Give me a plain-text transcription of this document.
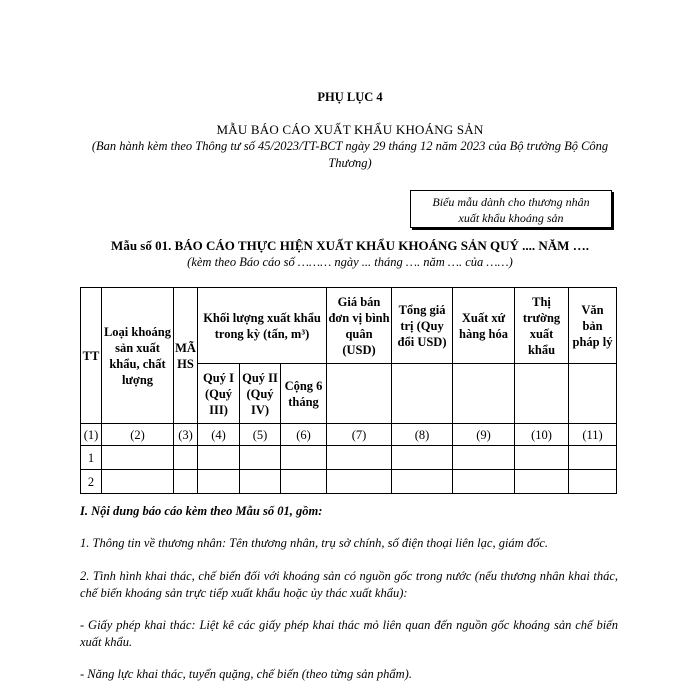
PHỤ LỤC 4
MẪU BÁO CÁO XUẤT KHẨU KHOÁNG SẢN
(Ban hành kèm theo Thông tư số 45/2023/TT-BCT ngày 29 tháng 12 năm 2023 của Bộ trưởng Bộ Công Thương)
Biểu mẫu dành cho thương nhân
xuất khẩu khoáng sản
Mẫu số 01. BÁO CÁO THỰC HIỆN XUẤT KHẨU KHOÁNG SẢN QUÝ .... NĂM ….
(kèm theo Báo cáo số ……… ngày ... tháng …. năm …. của ……)
TT	Loại khoáng sản xuất khẩu, chất lượng	MÃ HS	Khối lượng xuất khẩu trong kỳ (tấn, m³)			Giá bán đơn vị bình quân (USD)	Tổng giá trị (Quy đổi USD)	Xuất xứ hàng hóa	Thị trường xuất khẩu	Văn bản pháp lý
			Quý I (Quý III)	Quý II (Quý IV)	Cộng 6 tháng					
(1)	(2)	(3)	(4)	(5)	(6)	(7)	(8)	(9)	(10)	(11)
1										
2										
I. Nội dung báo cáo kèm theo Mẫu số 01, gồm:
1. Thông tin về thương nhân: Tên thương nhân, trụ sở chính, số điện thoại liên lạc, giám đốc.
2. Tình hình khai thác, chế biến đối với khoáng sản có nguồn gốc trong nước (nếu thương nhân khai thác, chế biến khoáng sản trực tiếp xuất khẩu hoặc ủy thác xuất khẩu):
- Giấy phép khai thác: Liệt kê các giấy phép khai thác mỏ liên quan đến nguồn gốc khoáng sản chế biến xuất khẩu.
- Năng lực khai thác, tuyển quặng, chế biến (theo từng sản phẩm).
